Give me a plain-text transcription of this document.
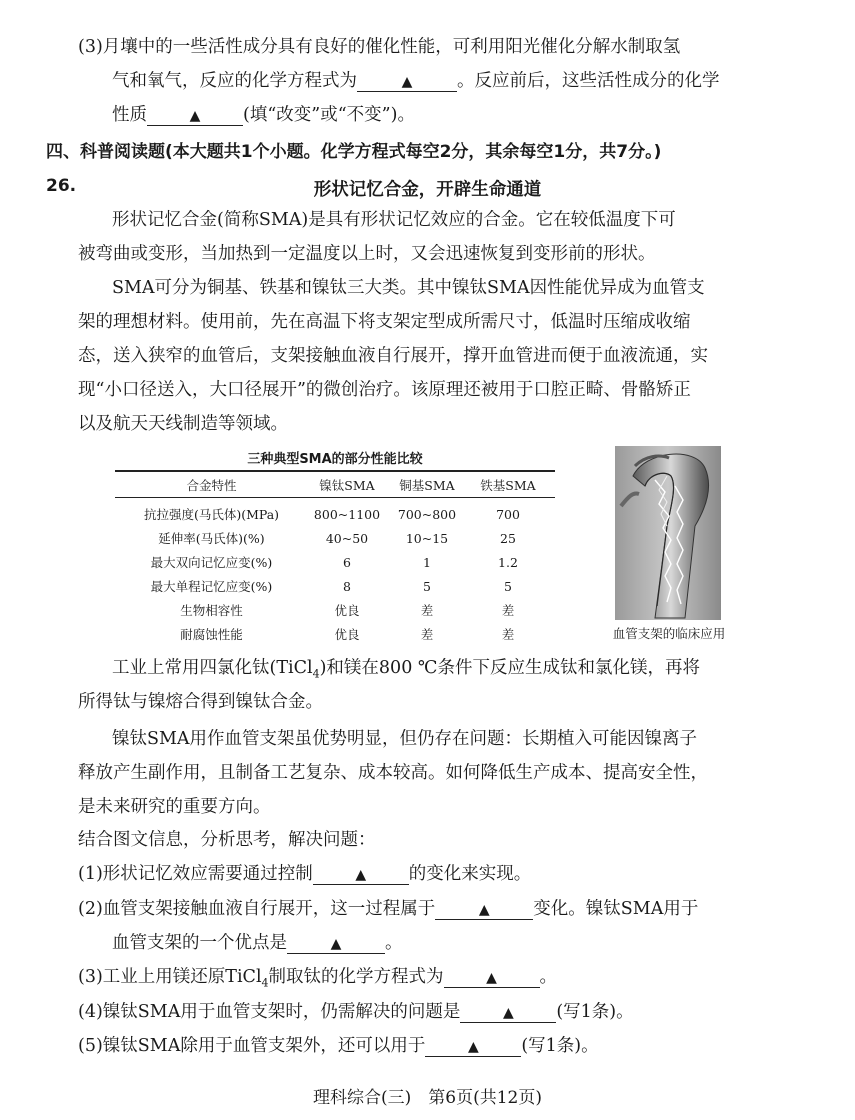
(3)月壤中的一些活性成分具有良好的催化性能，可利用阳光催化分解水制取氢
气和氧气，反应的化学方程式为	▲	。反应前后，这些活性成分的化学
性质	▲ (填“改变”或“不变”)。
四、科普阅读题(本大题共1个小题。化学方程式每空2分，其余每空1分，共7分。)
26.	形状记忆合金，开辟生命通道
形状记忆合金(简称SMA)是具有形状记忆效应的合金。它在较低温度下可
被弯曲或变形，当加热到一定温度以上时，又会迅速恢复到变形前的形状。
SMA可分为铜基、铁基和镍钛三大类。其中镍钛SMA因性能优异成为血管支
架的理想材料。使用前，先在高温下将支架定型成所需尺寸，低温时压缩成收缩
态，送入狭窄的血管后，支架接触血液自行展开，撑开血管进而便于血液流通，实
现“小口径送入，大口径展开”的微创治疗。该原理还被用于口腔正畸、骨骼矫正
以及航天天线制造等领域。
三种典型SMA的部分性能比较
合金特性	镍钛SMA	铜基SMA	铁基SMA
抗拉强度(马氏体)(MPa)	800~1100	700~800	700
延伸率(马氏体)(%)	40~50	10~15	25
最大双向记忆应变(%)	6	1	1.2
最大单程记忆应变(%)	8	5	5
生物相容性	优良	差	差
耐腐蚀性能	优良	差	差	血管支架的临床应用
工业上常用四氯化钛(TiCl$_4$)和镁在800 ℃条件下反应生成钛和氯化镁，再将
所得钛与镍熔合得到镍钛合金。
镍钛SMA用作血管支架虽优势明显，但仍存在问题：长期植入可能因镍离子
释放产生副作用，且制备工艺复杂、成本较高。如何降低生产成本、提高安全性，
是未来研究的重要方向。
结合图文信息，分析思考，解决问题：
(1)形状记忆效应需要通过控制	▲ 的变化来实现。
(2)血管支架接触血液自行展开，这一过程属于	▲ 变化。镍钛SMA用于
血管支架的一个优点是	▲ 。
(3)工业上用镁还原TiCl$_4$制取钛的化学方程式为	▲ 。
(4)镍钛SMA用于血管支架时，仍需解决的问题是	▲ (写1条)。
(5)镍钛SMA除用于血管支架外，还可以用于	▲ (写1条)。
理科综合(三)　第6页(共12页)
